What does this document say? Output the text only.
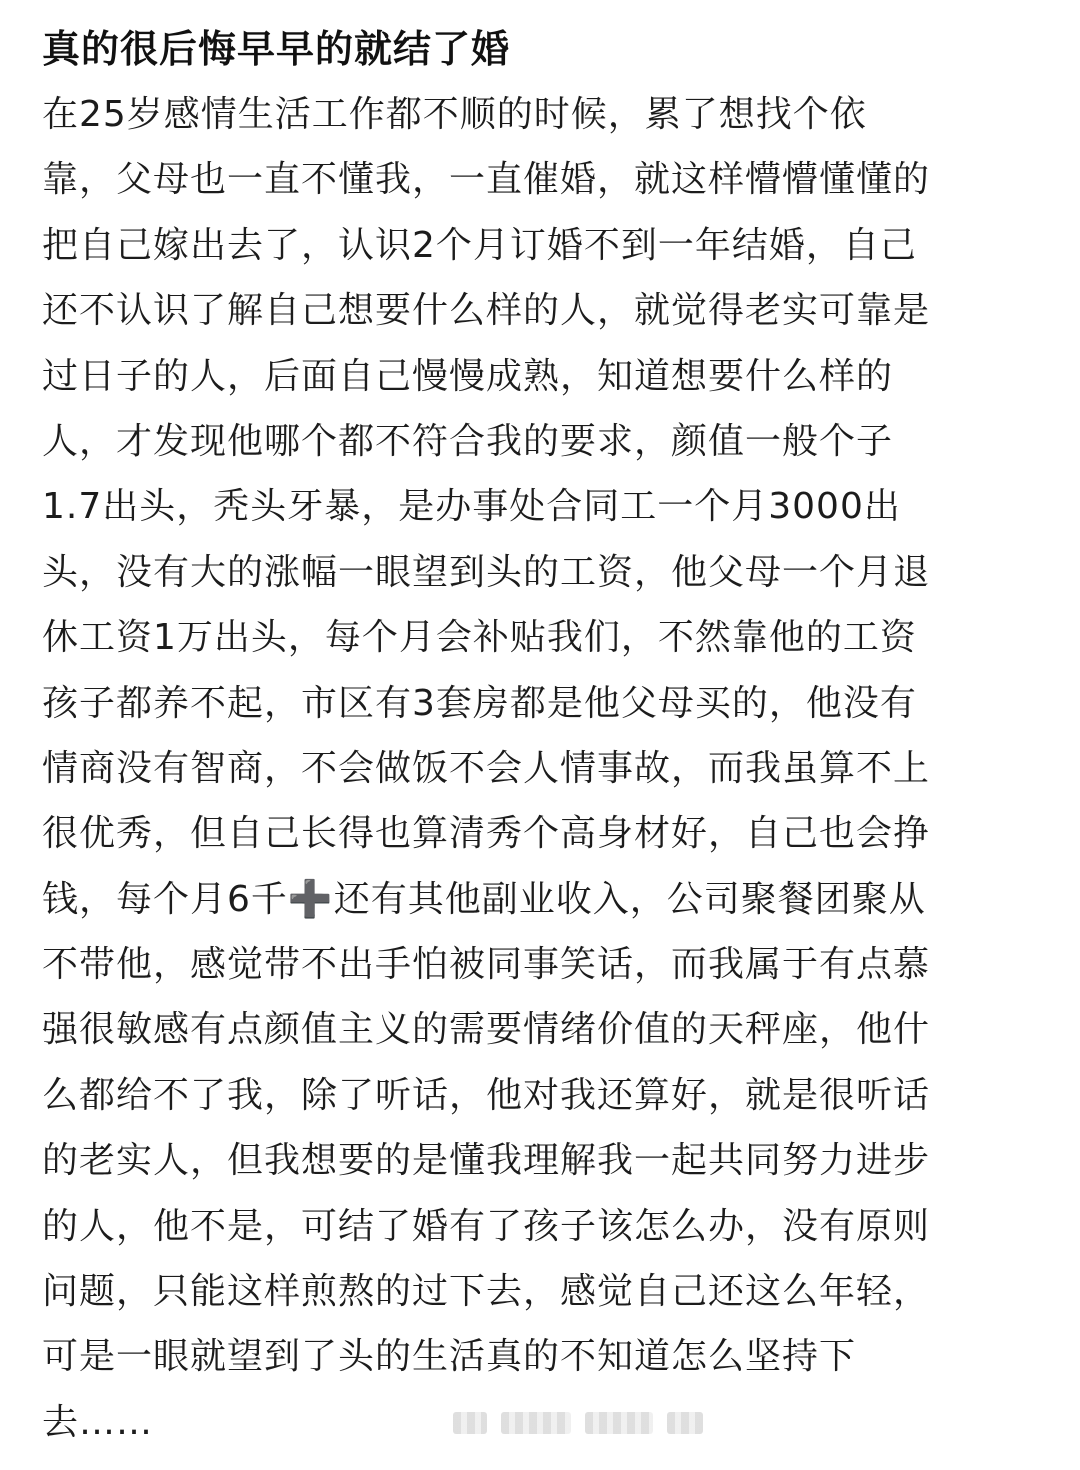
真的很后悔早早的就结了婚
在25岁感情生活工作都不顺的时候，累了想找个依
靠，父母也一直不懂我，一直催婚，就这样懵懵懂懂的
把自己嫁出去了，认识2个月订婚不到一年结婚，自己
还不认识了解自己想要什么样的人，就觉得老实可靠是
过日子的人，后面自己慢慢成熟，知道想要什么样的
人，才发现他哪个都不符合我的要求，颜值一般个子
1.7出头，秃头牙暴，是办事处合同工一个月3000出
头，没有大的涨幅一眼望到头的工资，他父母一个月退
休工资1万出头，每个月会补贴我们，不然靠他的工资
孩子都养不起，市区有3套房都是他父母买的，他没有
情商没有智商，不会做饭不会人情事故，而我虽算不上
很优秀，但自己长得也算清秀个高身材好，自己也会挣
钱，每个月6千➕还有其他副业收入，公司聚餐团聚从
不带他，感觉带不出手怕被同事笑话，而我属于有点慕
强很敏感有点颜值主义的需要情绪价值的天秤座，他什
么都给不了我，除了听话，他对我还算好，就是很听话
的老实人，但我想要的是懂我理解我一起共同努力进步
的人，他不是，可结了婚有了孩子该怎么办，没有原则
问题，只能这样煎熬的过下去，感觉自己还这么年轻，
可是一眼就望到了头的生活真的不知道怎么坚持下
去……
